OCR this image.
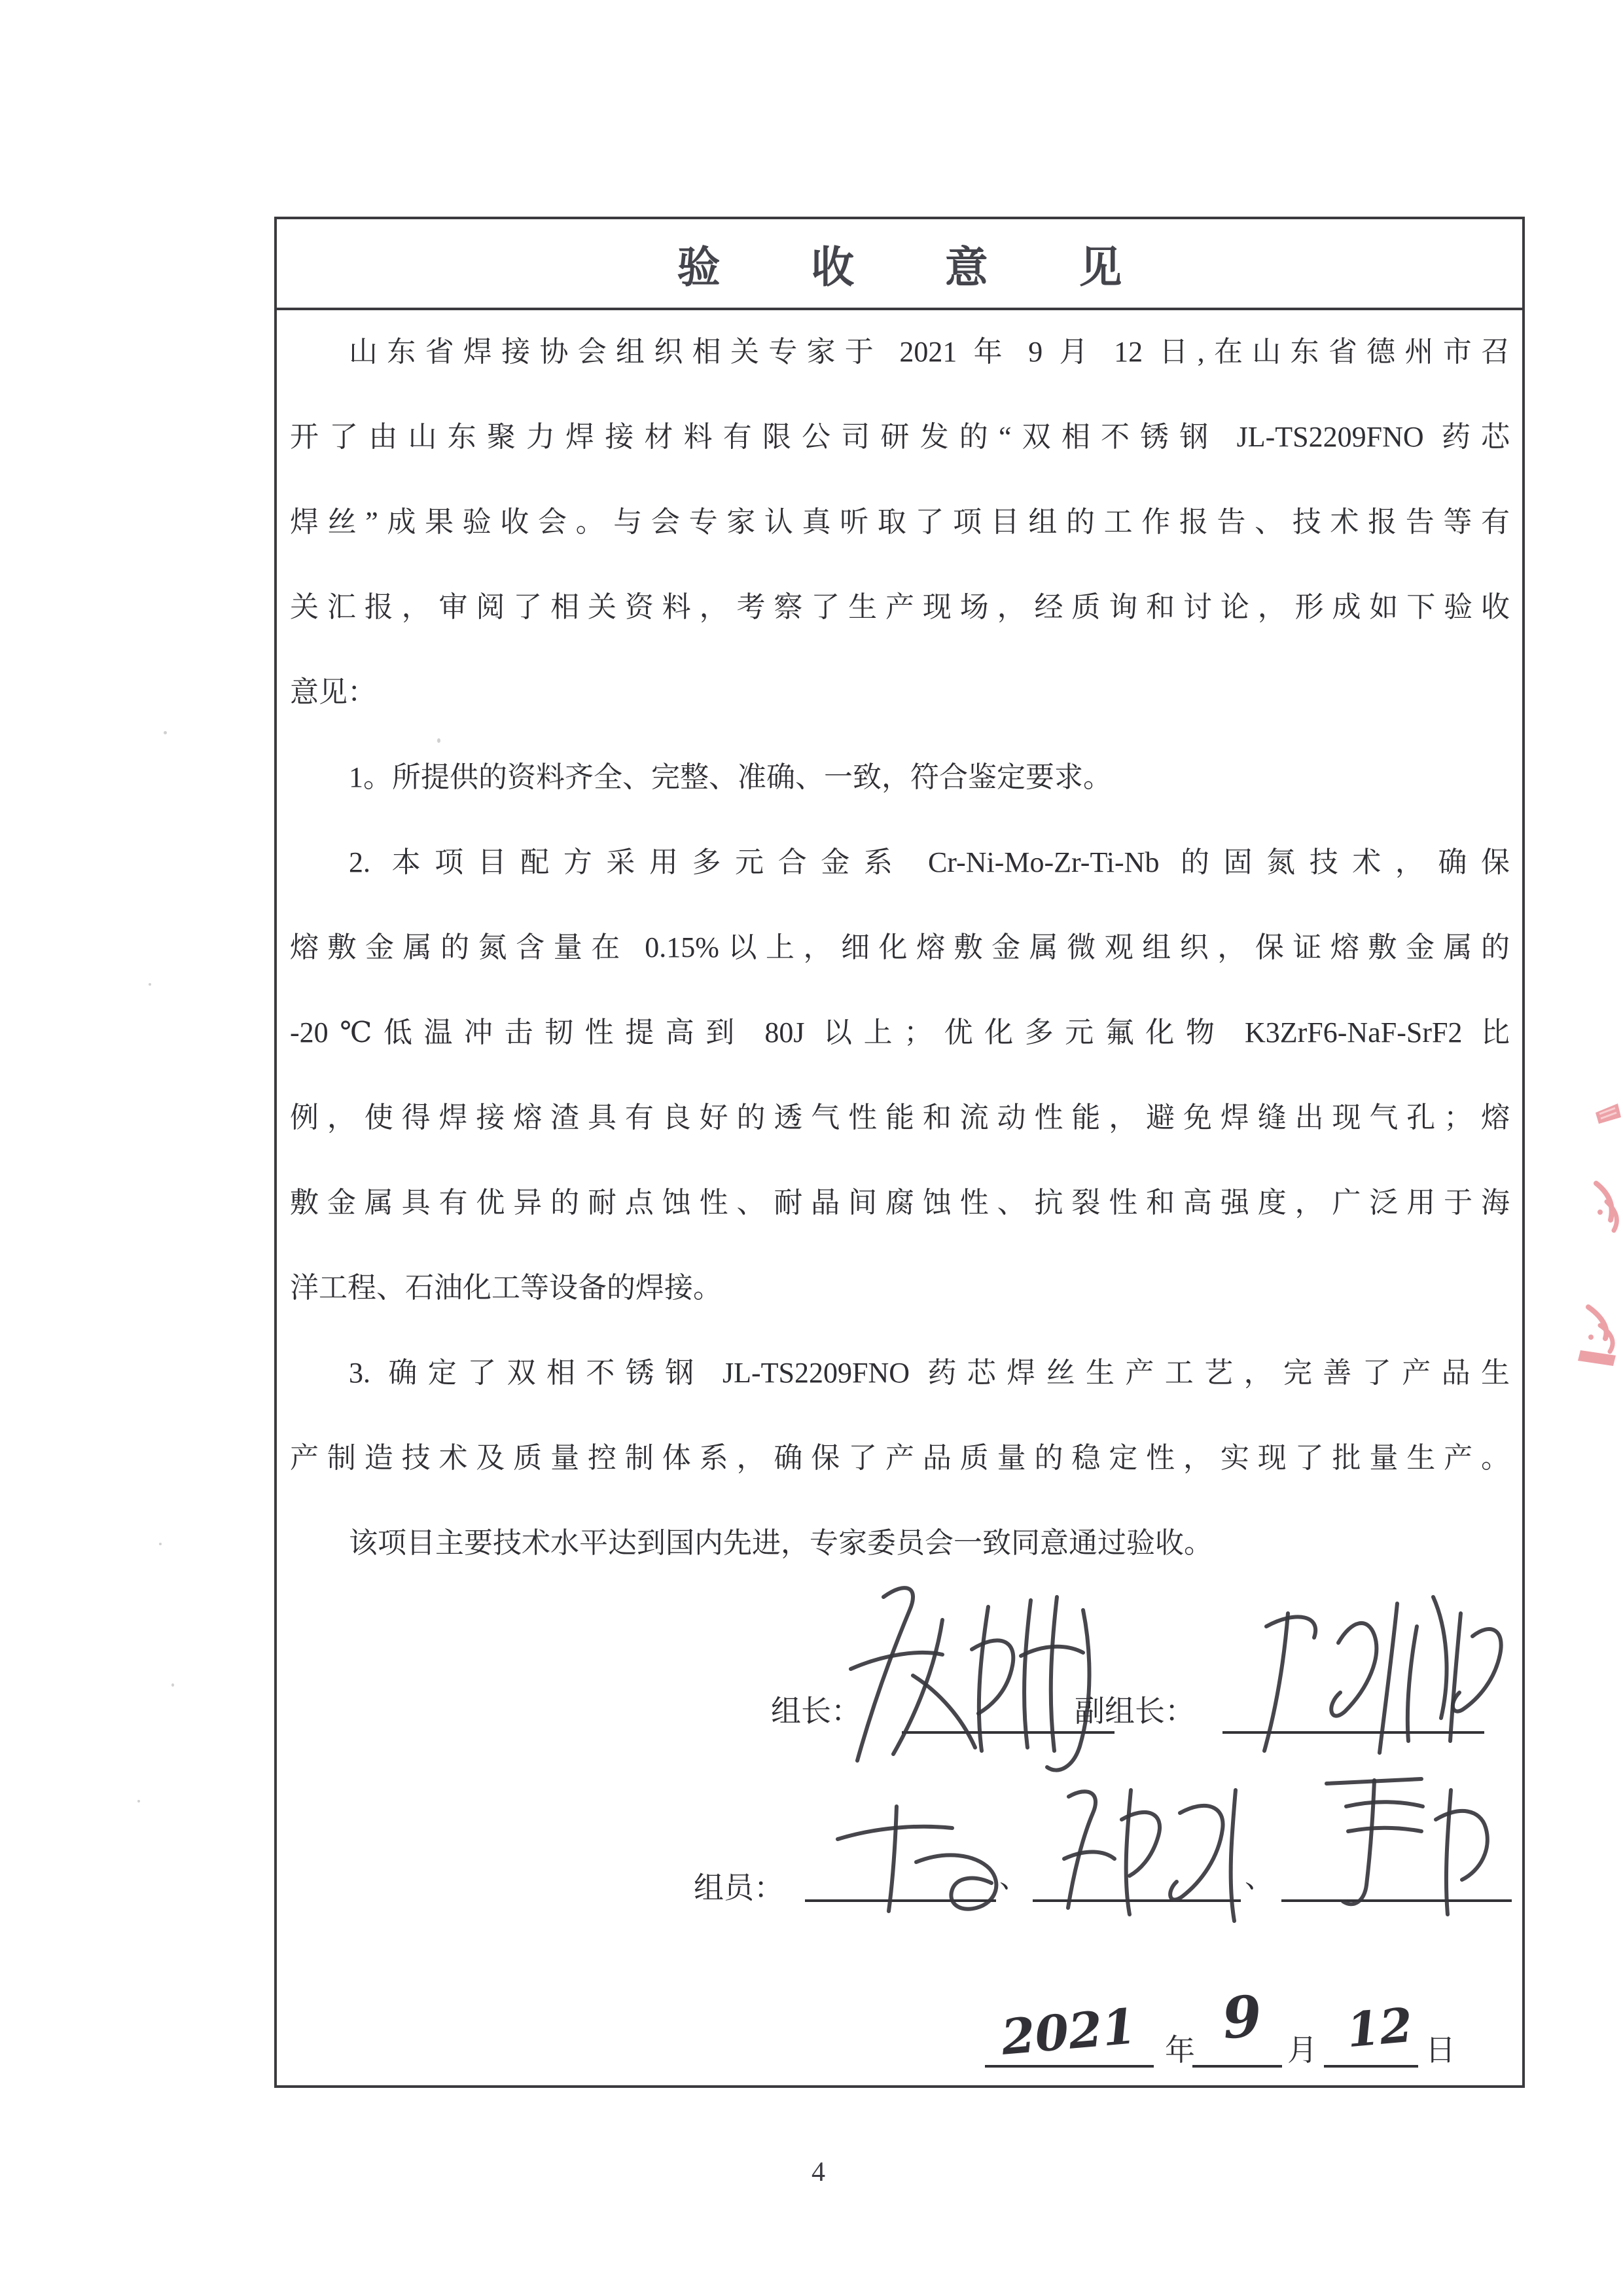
验收意见
山东省焊接协会组织相关专家于 2021 年 9 月 12 日,在山东省德州市召
开了由山东聚力焊接材料有限公司研发的“双相不锈钢 JL-TS2209FNO 药芯
焊丝”成果验收会。与会专家认真听取了项目组的工作报告、技术报告等有
关汇报，审阅了相关资料，考察了生产现场，经质询和讨论，形成如下验收
意见：
1。所提供的资料齐全、完整、准确、一致，符合鉴定要求。
2. 本项目配方采用多元合金系 Cr-Ni-Mo-Zr-Ti-Nb 的固氮技术，确保
熔敷金属的氮含量在 0.15%以上，细化熔敷金属微观组织，保证熔敷金属的
-20℃低温冲击韧性提高到 80J 以上；优化多元氟化物 K3ZrF6-NaF-SrF2 比
例，使得焊接熔渣具有良好的透气性能和流动性能，避免焊缝出现气孔；熔
敷金属具有优异的耐点蚀性、耐晶间腐蚀性、抗裂性和高强度，广泛用于海
洋工程、石油化工等设备的焊接。
3. 确定了双相不锈钢 JL-TS2209FNO 药芯焊丝生产工艺，完善了产品生
产制造技术及质量控制体系，确保了产品质量的稳定性，实现了批量生产。
该项目主要技术水平达到国内先进，专家委员会一致同意通过验收。
组长：	副组长：
组员：	、	、
2021 年 9 月 12 日
4
